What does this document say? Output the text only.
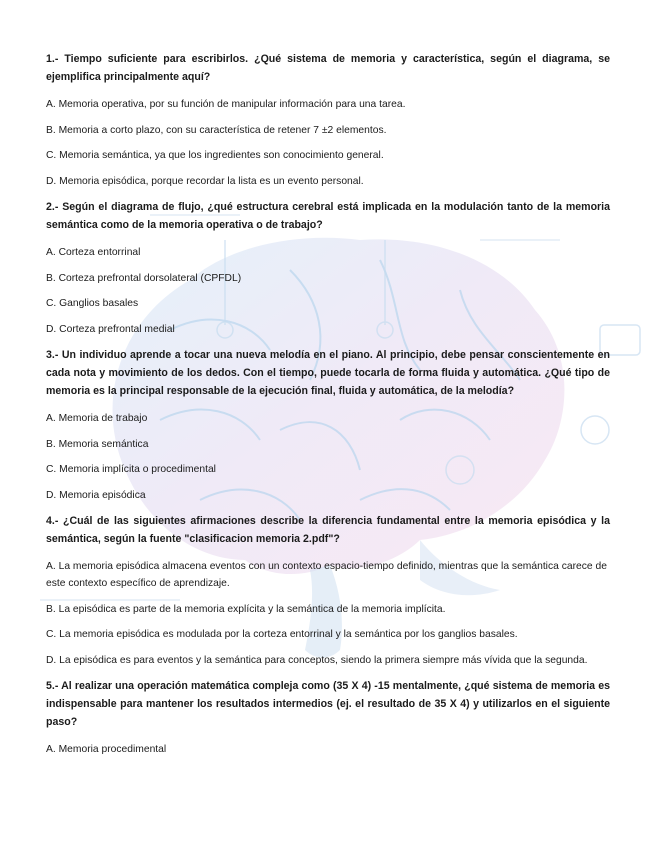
1.- Tiempo suficiente para escribirlos. ¿Qué sistema de memoria y característica, según el diagrama, se ejemplifica principalmente aquí?

A. Memoria operativa, por su función de manipular información para una tarea.

B. Memoria a corto plazo, con su característica de retener 7 ±2 elementos.

C. Memoria semántica, ya que los ingredientes son conocimiento general.

D. Memoria episódica, porque recordar la lista es un evento personal.

2.- Según el diagrama de flujo, ¿qué estructura cerebral está implicada en la modulación tanto de la memoria semántica como de la memoria operativa o de trabajo?

A. Corteza entorrinal

B. Corteza prefrontal dorsolateral (CPFDL)

C. Ganglios basales

D. Corteza prefrontal medial

3.- Un individuo aprende a tocar una nueva melodía en el piano. Al principio, debe pensar conscientemente en cada nota y movimiento de los dedos. Con el tiempo, puede tocarla de forma fluida y automática. ¿Qué tipo de memoria es la principal responsable de la ejecución final, fluida y automática, de la melodía?

A. Memoria de trabajo

B. Memoria semántica

C. Memoria implícita o procedimental

D. Memoria episódica

4.- ¿Cuál de las siguientes afirmaciones describe la diferencia fundamental entre la memoria episódica y la semántica, según la fuente "clasificacion memoria 2.pdf"?

A. La memoria episódica almacena eventos con un contexto espacio-tiempo definido, mientras que la semántica carece de este contexto específico de aprendizaje.

B. La episódica es parte de la memoria explícita y la semántica de la memoria implícita.

C. La memoria episódica es modulada por la corteza entorrinal y la semántica por los ganglios basales.

D. La episódica es para eventos y la semántica para conceptos, siendo la primera siempre más vívida que la segunda.

5.- Al realizar una operación matemática compleja como (35 X 4) -15 mentalmente, ¿qué sistema de memoria es indispensable para mantener los resultados intermedios (ej. el resultado de 35 X 4) y utilizarlos en el siguiente paso?

A. Memoria procedimental
